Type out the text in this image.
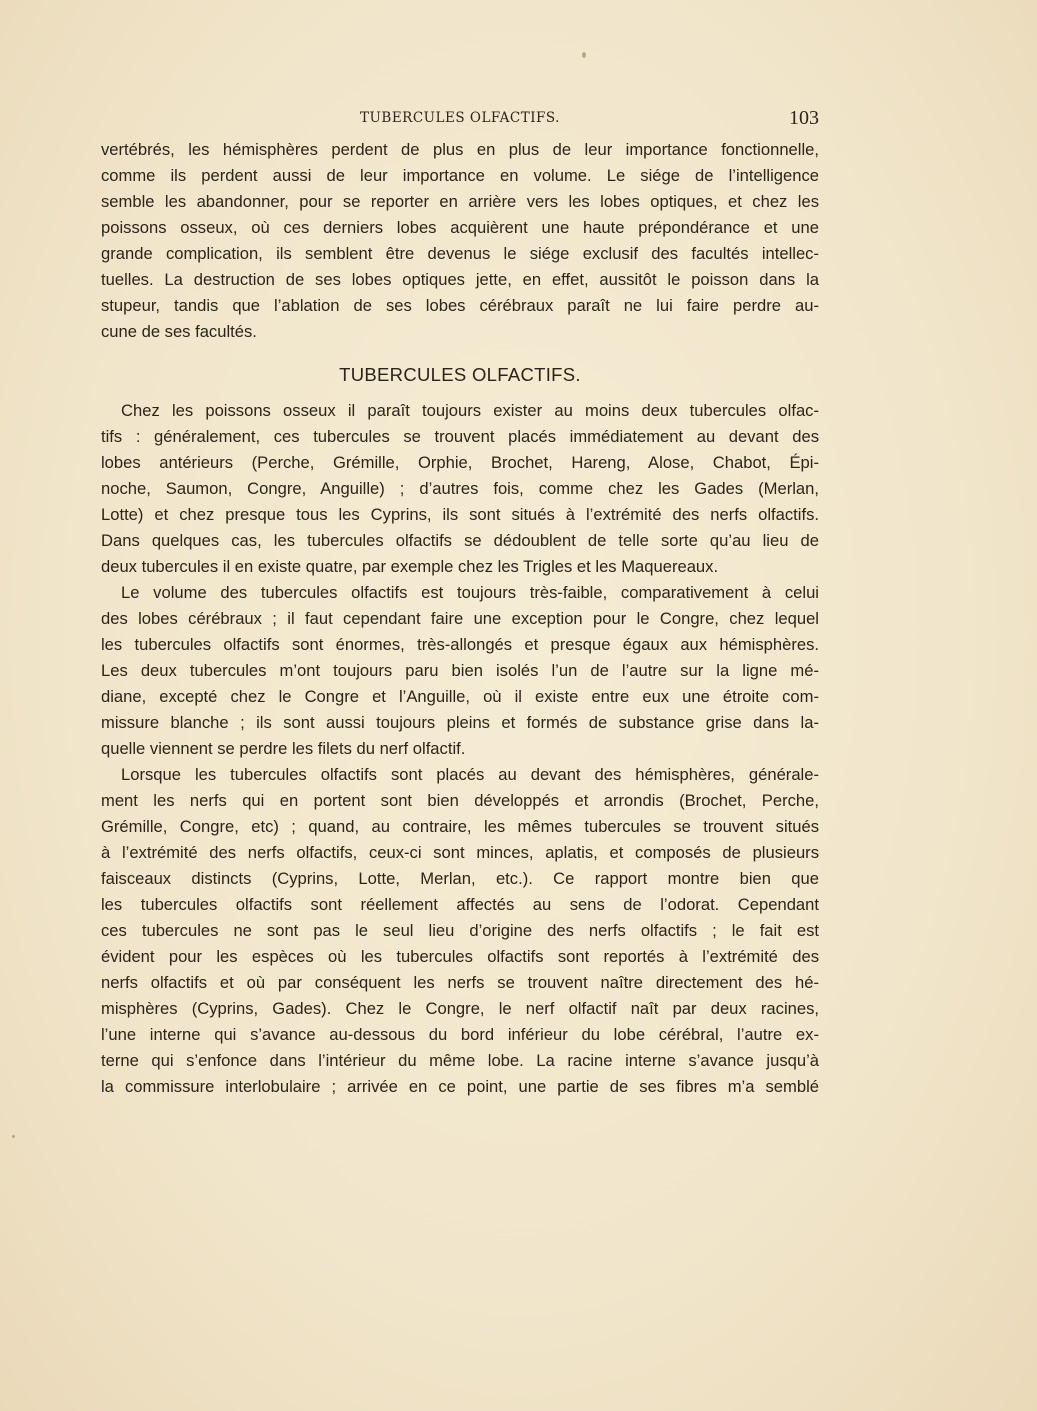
TUBERCULES OLFACTIFS.	103
vertébrés, les hémisphères perdent de plus en plus de leur importance fonctionnelle,
comme ils perdent aussi de leur importance en volume. Le siége de l’intelligence
semble les abandonner, pour se reporter en arrière vers les lobes optiques, et chez les
poissons osseux, où ces derniers lobes acquièrent une haute prépondérance et une
grande complication, ils semblent être devenus le siége exclusif des facultés intellec-
tuelles. La destruction de ses lobes optiques jette, en effet, aussitôt le poisson dans la
stupeur, tandis que l’ablation de ses lobes cérébraux paraît ne lui faire perdre au-
cune de ses facultés.
TUBERCULES OLFACTIFS.
Chez les poissons osseux il paraît toujours exister au moins deux tubercules olfac-
tifs : généralement, ces tubercules se trouvent placés immédiatement au devant des
lobes antérieurs (Perche, Grémille, Orphie, Brochet, Hareng, Alose, Chabot, Épi-
noche, Saumon, Congre, Anguille) ; d’autres fois, comme chez les Gades (Merlan,
Lotte) et chez presque tous les Cyprins, ils sont situés à l’extrémité des nerfs olfactifs.
Dans quelques cas, les tubercules olfactifs se dédoublent de telle sorte qu’au lieu de
deux tubercules il en existe quatre, par exemple chez les Trigles et les Maquereaux.
Le volume des tubercules olfactifs est toujours très-faible, comparativement à celui
des lobes cérébraux ; il faut cependant faire une exception pour le Congre, chez lequel
les tubercules olfactifs sont énormes, très-allongés et presque égaux aux hémisphères.
Les deux tubercules m’ont toujours paru bien isolés l’un de l’autre sur la ligne mé-
diane, excepté chez le Congre et l’Anguille, où il existe entre eux une étroite com-
missure blanche ; ils sont aussi toujours pleins et formés de substance grise dans la-
quelle viennent se perdre les filets du nerf olfactif.
Lorsque les tubercules olfactifs sont placés au devant des hémisphères, générale-
ment les nerfs qui en portent sont bien développés et arrondis (Brochet, Perche,
Grémille, Congre, etc) ; quand, au contraire, les mêmes tubercules se trouvent situés
à l’extrémité des nerfs olfactifs, ceux-ci sont minces, aplatis, et composés de plusieurs
faisceaux distincts (Cyprins, Lotte, Merlan, etc.). Ce rapport montre bien que
les tubercules olfactifs sont réellement affectés au sens de l’odorat. Cependant
ces tubercules ne sont pas le seul lieu d’origine des nerfs olfactifs ; le fait est
évident pour les espèces où les tubercules olfactifs sont reportés à l’extrémité des
nerfs olfactifs et où par conséquent les nerfs se trouvent naître directement des hé-
misphères (Cyprins, Gades). Chez le Congre, le nerf olfactif naît par deux racines,
l’une interne qui s’avance au-dessous du bord inférieur du lobe cérébral, l’autre ex-
terne qui s’enfonce dans l’intérieur du même lobe. La racine interne s’avance jusqu’à
la commissure interlobulaire ; arrivée en ce point, une partie de ses fibres m’a semblé
